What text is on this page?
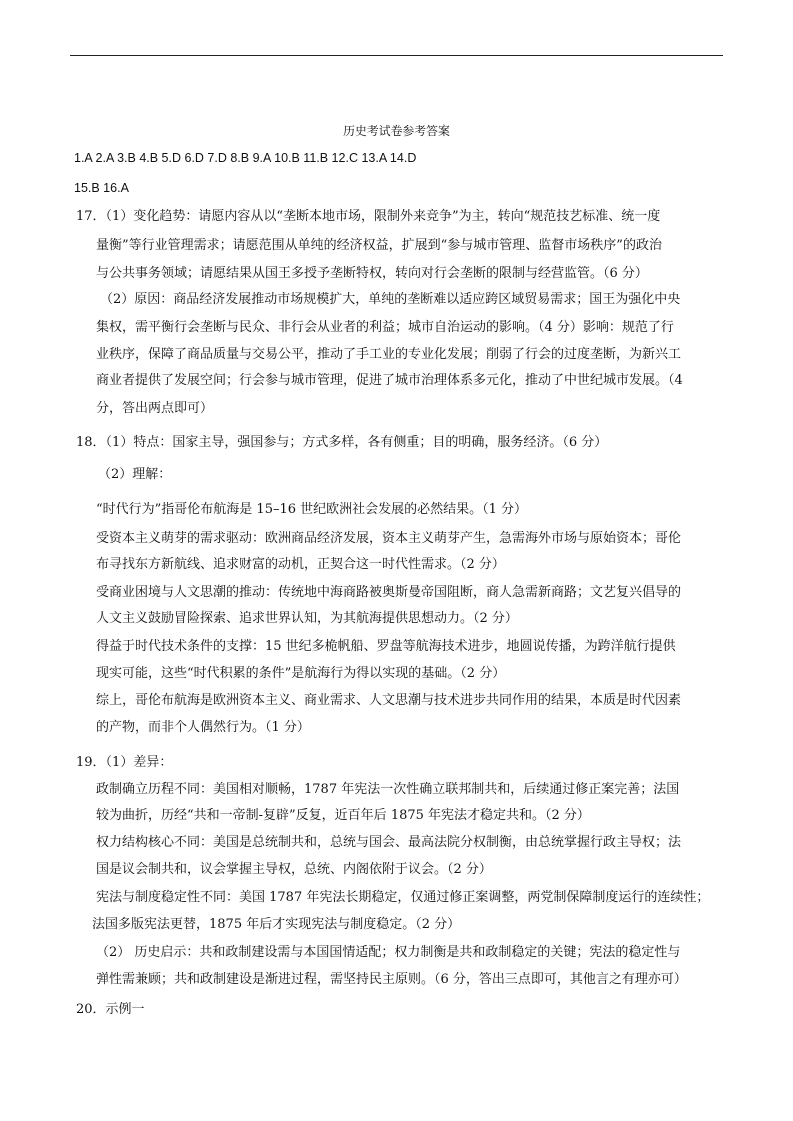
历史考试卷参考答案
1.A 2.A 3.B 4.B 5.D 6.D 7.D 8.B 9.A 10.B 11.B 12.C 13.A 14.D
15.B 16.A
17．（1）变化趋势：请愿内容从以“垄断本地市场，限制外来竞争”为主，转向“规范技艺标准、统一度
量衡”等行业管理需求；请愿范围从单纯的经济权益，扩展到“参与城市管理、监督市场秩序”的政治
与公共事务领域；请愿结果从国王多授予垄断特权，转向对行会垄断的限制与经营监管。（6 分）
（2）原因：商品经济发展推动市场规模扩大，单纯的垄断难以适应跨区域贸易需求；国王为强化中央
集权，需平衡行会垄断与民众、非行会从业者的利益；城市自治运动的影响。（4 分）影响：规范了行
业秩序，保障了商品质量与交易公平，推动了手工业的专业化发展；削弱了行会的过度垄断，为新兴工
商业者提供了发展空间；行会参与城市管理，促进了城市治理体系多元化，推动了中世纪城市发展。（4
分，答出两点即可）
18．（1）特点：国家主导，强国参与；方式多样，各有侧重；目的明确，服务经济。（6 分）
（2）理解：
“时代行为”指哥伦布航海是 15–16 世纪欧洲社会发展的必然结果。（1 分）
受资本主义萌芽的需求驱动：欧洲商品经济发展，资本主义萌芽产生，急需海外市场与原始资本；哥伦
布寻找东方新航线、追求财富的动机，正契合这一时代性需求。（2 分）
受商业困境与人文思潮的推动：传统地中海商路被奥斯曼帝国阻断，商人急需新商路；文艺复兴倡导的
人文主义鼓励冒险探索、追求世界认知，为其航海提供思想动力。（2 分）
得益于时代技术条件的支撑：15 世纪多桅帆船、罗盘等航海技术进步，地圆说传播，为跨洋航行提供
现实可能，这些“时代积累的条件”是航海行为得以实现的基础。（2 分）
综上，哥伦布航海是欧洲资本主义、商业需求、人文思潮与技术进步共同作用的结果，本质是时代因素
的产物，而非个人偶然行为。（1 分）
19．（1）差异：
政制确立历程不同：美国相对顺畅，1787 年宪法一次性确立联邦制共和，后续通过修正案完善；法国
较为曲折，历经“共和一帝制-复辟”反复，近百年后 1875 年宪法才稳定共和。（2 分）
权力结构核心不同：美国是总统制共和，总统与国会、最高法院分权制衡，由总统掌握行政主导权；法
国是议会制共和，议会掌握主导权，总统、内阁依附于议会。（2 分）
宪法与制度稳定性不同：美国 1787 年宪法长期稳定，仅通过修正案调整，两党制保障制度运行的连续性；
法国多版宪法更替，1875 年后才实现宪法与制度稳定。（2 分）
（2） 历史启示：共和政制建设需与本国国情适配；权力制衡是共和政制稳定的关键；宪法的稳定性与
弹性需兼顾；共和政制建设是渐进过程，需坚持民主原则。（6 分，答出三点即可，其他言之有理亦可）
20．示例一
